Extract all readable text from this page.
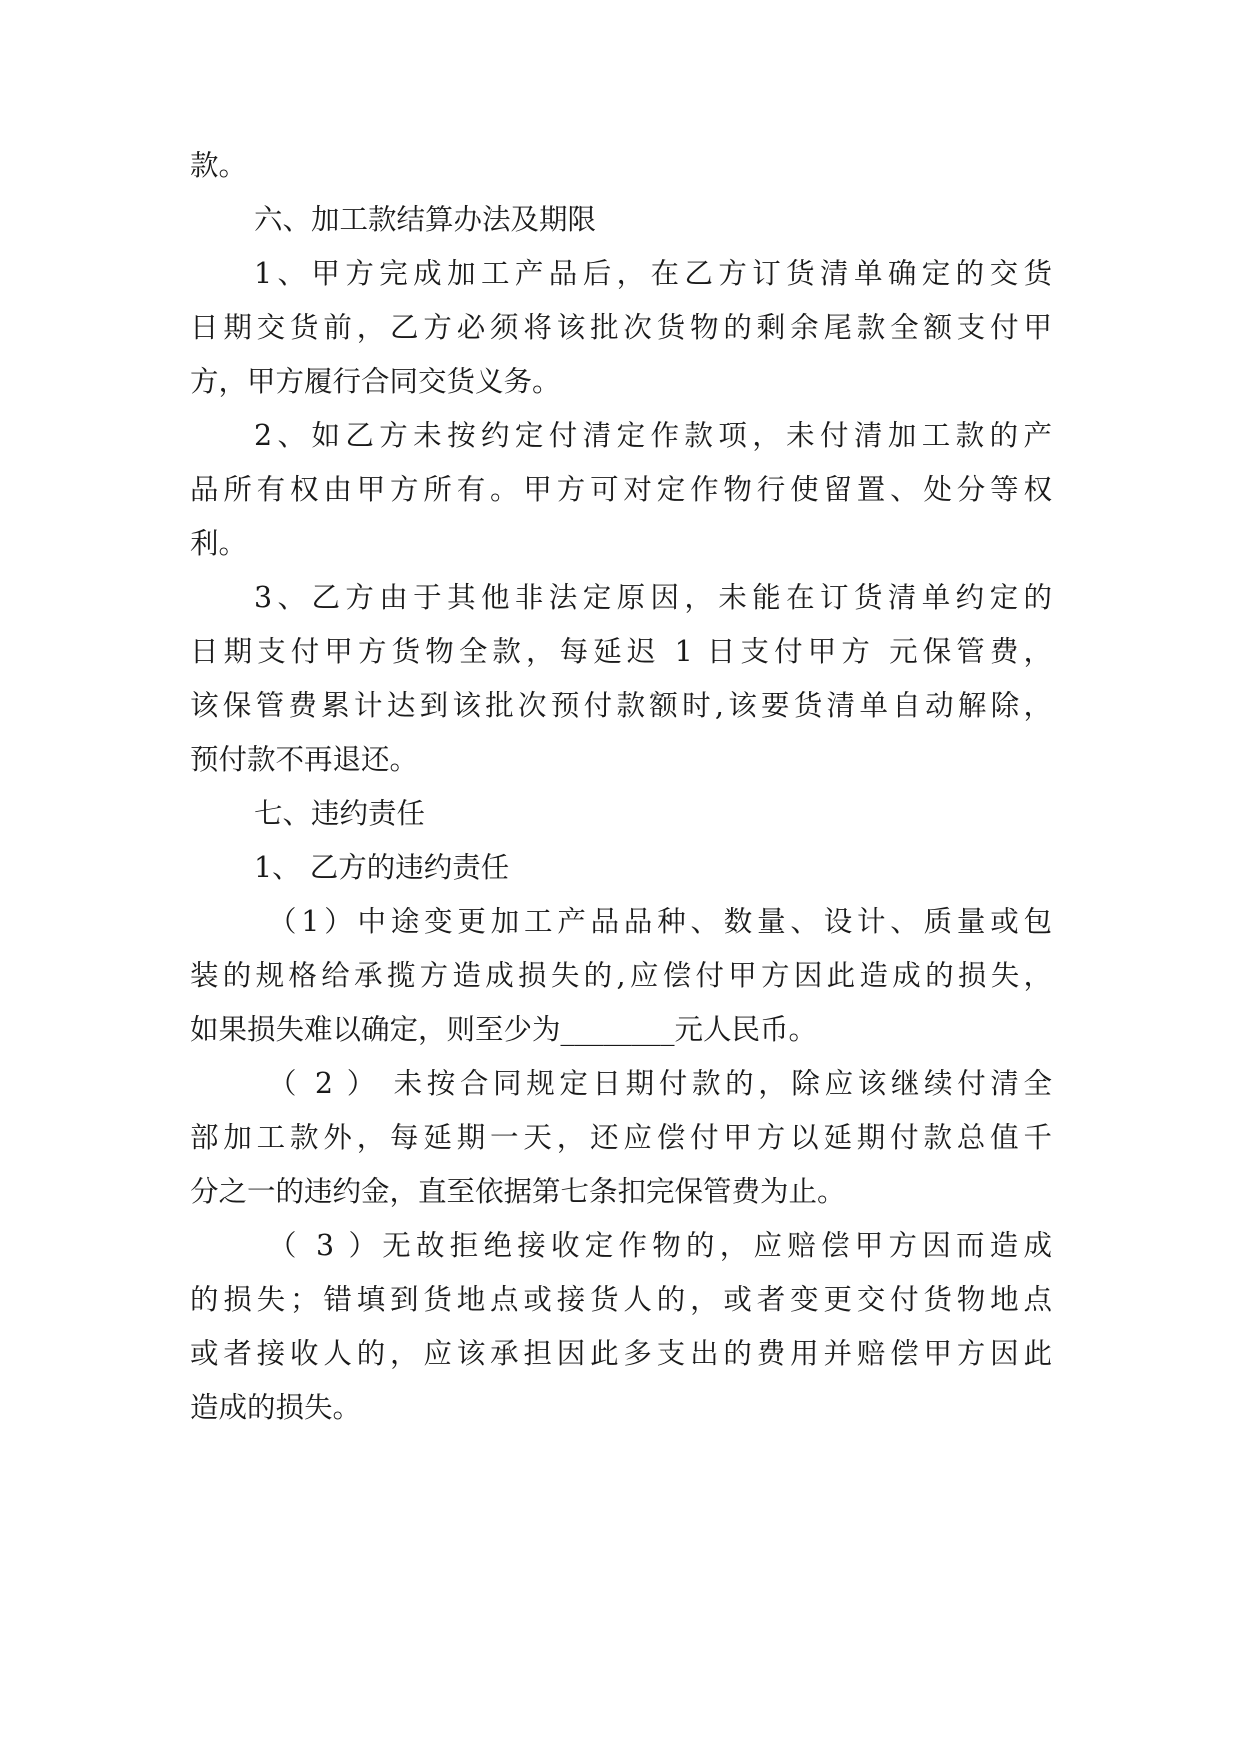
款。
六、加工款结算办法及期限
1、甲方完成加工产品后，在乙方订货清单确定的交货
日期交货前，乙方必须将该批次货物的剩余尾款全额支付甲
方，甲方履行合同交货义务。
2、如乙方未按约定付清定作款项，未付清加工款的产
品所有权由甲方所有。甲方可对定作物行使留置、处分等权
利。
3、乙方由于其他非法定原因，未能在订货清单约定的
日期支付甲方货物全款，每延迟 1 日支付甲方 元保管费，
该保管费累计达到该批次预付款额时,该要货清单自动解除，
预付款不再退还。
七、违约责任
1、 乙方的违约责任
（1）中途变更加工产品品种、数量、设计、质量或包
装的规格给承揽方造成损失的,应偿付甲方因此造成的损失，
如果损失难以确定，则至少为________元人民币。
（ 2 ） 未按合同规定日期付款的，除应该继续付清全
部加工款外，每延期一天，还应偿付甲方以延期付款总值千
分之一的违约金，直至依据第七条扣完保管费为止。
（ 3 ）无故拒绝接收定作物的，应赔偿甲方因而造成
的损失；错填到货地点或接货人的，或者变更交付货物地点
或者接收人的，应该承担因此多支出的费用并赔偿甲方因此
造成的损失。
